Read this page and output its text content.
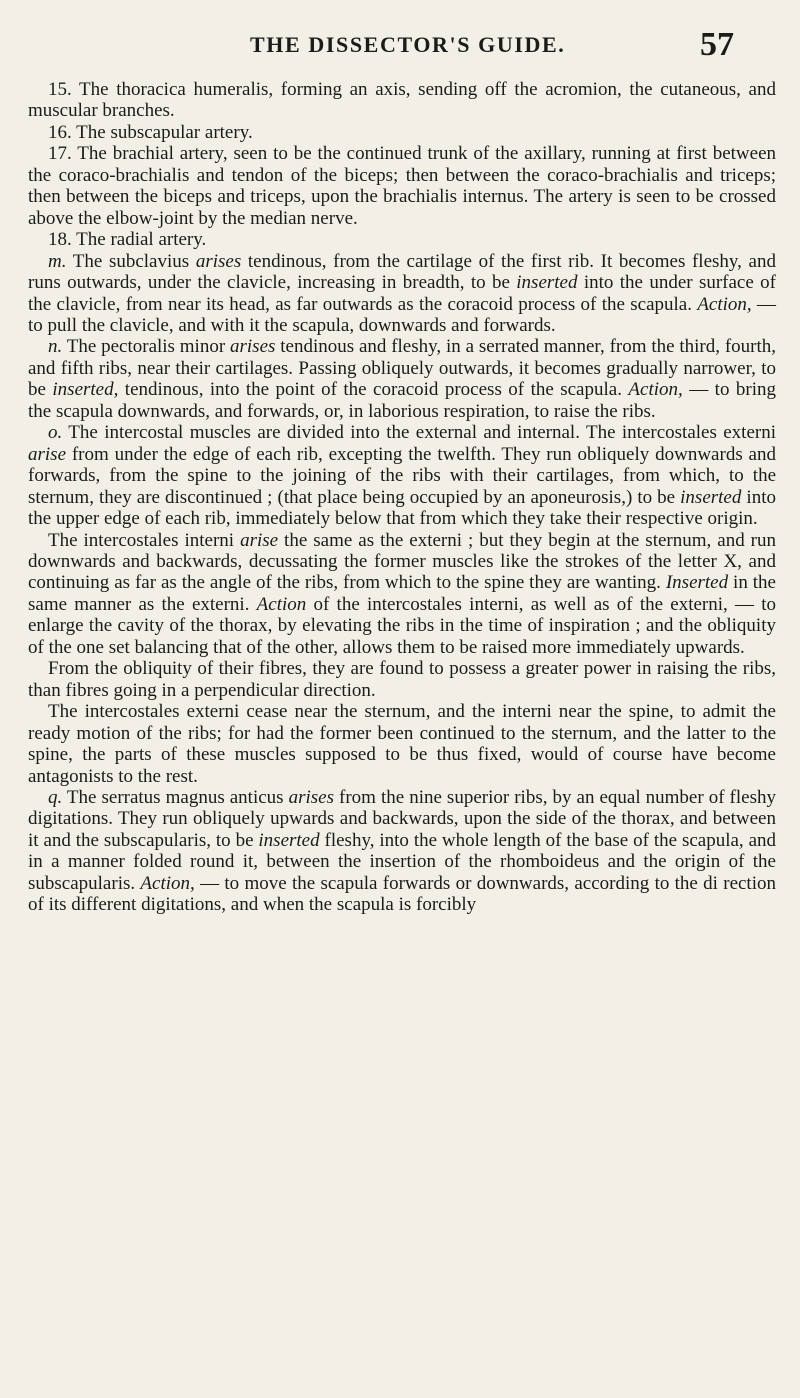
THE DISSECTOR'S GUIDE.	57

15. The thoracica humeralis, forming an axis, sending off the acromion, the cutaneous, and muscular branches.

16. The subscapular artery.

17. The brachial artery, seen to be the continued trunk of the axillary, running at first between the coraco-brachialis and tendon of the biceps; then between the coraco-brachialis and triceps; then between the biceps and triceps, upon the brachialis internus. The artery is seen to be crossed above the elbow-joint by the median nerve.

18. The radial artery.

m. The subclavius arises tendinous, from the cartilage of the first rib. It becomes fleshy, and runs outwards, under the clavicle, increasing in breadth, to be inserted into the under surface of the clavicle, from near its head, as far outwards as the coracoid process of the scapula. Action, — to pull the clavicle, and with it the scapula, downwards and forwards.

n. The pectoralis minor arises tendinous and fleshy, in a serrated manner, from the third, fourth, and fifth ribs, near their cartilages. Passing obliquely outwards, it becomes gradually narrower, to be inserted, tendinous, into the point of the coracoid process of the scapula. Action, — to bring the scapula downwards, and forwards, or, in laborious respiration, to raise the ribs.

o. The intercostal muscles are divided into the external and internal. The intercostales externi arise from under the edge of each rib, excepting the twelfth. They run obliquely downwards and forwards, from the spine to the joining of the ribs with their cartilages, from which, to the sternum, they are discontinued ; (that place being occupied by an aponeurosis,) to be inserted into the upper edge of each rib, immediately below that from which they take their respective origin.

The intercostales interni arise the same as the externi ; but they begin at the sternum, and run downwards and backwards, decussating the former muscles like the strokes of the letter X, and continuing as far as the angle of the ribs, from which to the spine they are wanting. Inserted in the same manner as the externi. Action of the intercostales interni, as well as of the externi, — to enlarge the cavity of the thorax, by elevating the ribs in the time of inspiration ; and the obliquity of the one set balancing that of the other, allows them to be raised more immediately upwards.

From the obliquity of their fibres, they are found to possess a greater power in raising the ribs, than fibres going in a perpendicular direction.

The intercostales externi cease near the sternum, and the interni near the spine, to admit the ready motion of the ribs; for had the former been continued to the sternum, and the latter to the spine, the parts of these muscles supposed to be thus fixed, would of course have become antagonists to the rest.

q. The serratus magnus anticus arises from the nine superior ribs, by an equal number of fleshy digitations. They run obliquely upwards and backwards, upon the side of the thorax, and between it and the subscapularis, to be inserted fleshy, into the whole length of the base of the scapula, and in a manner folded round it, between the insertion of the rhomboideus and the origin of the subscapularis. Action, — to move the scapula forwards or downwards, according to the di rection of its different digitations, and when the scapula is forcibly
